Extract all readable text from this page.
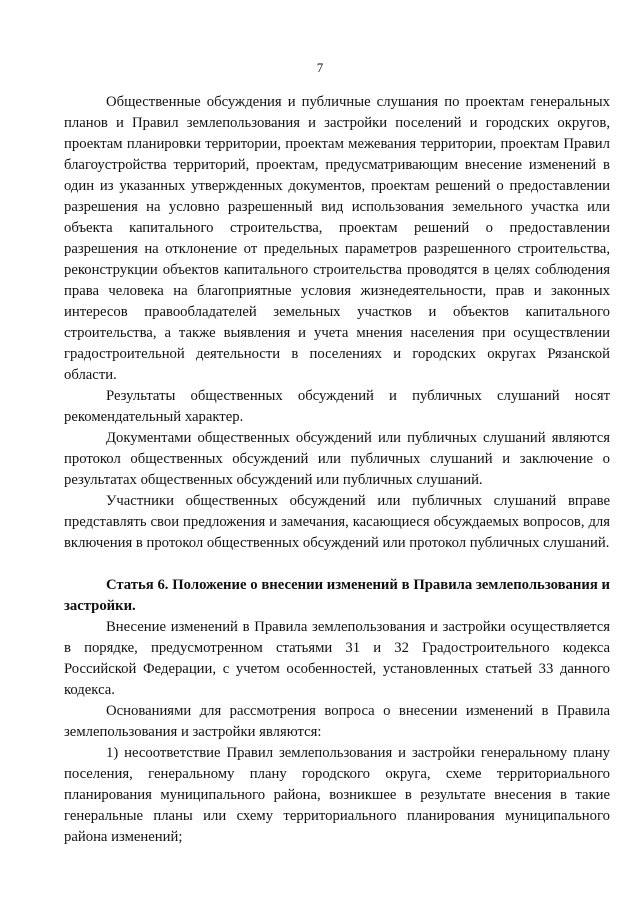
7

Общественные обсуждения и публичные слушания по проектам генеральных планов и Правил землепользования и застройки поселений и городских округов, проектам планировки территории, проектам межевания территории, проектам Правил благоустройства территорий, проектам, предусматривающим внесение изменений в один из указанных утвержденных документов, проектам решений о предоставлении разрешения на условно разрешенный вид использования земельного участка или объекта капитального строительства, проектам решений о предоставлении разрешения на отклонение от предельных параметров разрешенного строительства, реконструкции объектов капитального строительства проводятся в целях соблюдения права человека на благоприятные условия жизнедеятельности, прав и законных интересов правообладателей земельных участков и объектов капитального строительства, а также выявления и учета мнения населения при осуществлении градостроительной деятельности в поселениях и городских округах Рязанской области.

Результаты общественных обсуждений и публичных слушаний носят рекомендательный характер.

Документами общественных обсуждений или публичных слушаний являются протокол общественных обсуждений или публичных слушаний и заключение о результатах общественных обсуждений или публичных слушаний.

Участники общественных обсуждений или публичных слушаний вправе представлять свои предложения и замечания, касающиеся обсуждаемых вопросов, для включения в протокол общественных обсуждений или протокол публичных слушаний.

Статья 6. Положение о внесении изменений в Правила землепользования и застройки.

Внесение изменений в Правила землепользования и застройки осуществляется в порядке, предусмотренном статьями 31 и 32 Градостроительного кодекса Российской Федерации, с учетом особенностей, установленных статьей 33 данного кодекса.

Основаниями для рассмотрения вопроса о внесении изменений в Правила землепользования и застройки являются:

1) несоответствие Правил землепользования и застройки генеральному плану поселения, генеральному плану городского округа, схеме территориального планирования муниципального района, возникшее в результате внесения в такие генеральные планы или схему территориального планирования муниципального района изменений;
